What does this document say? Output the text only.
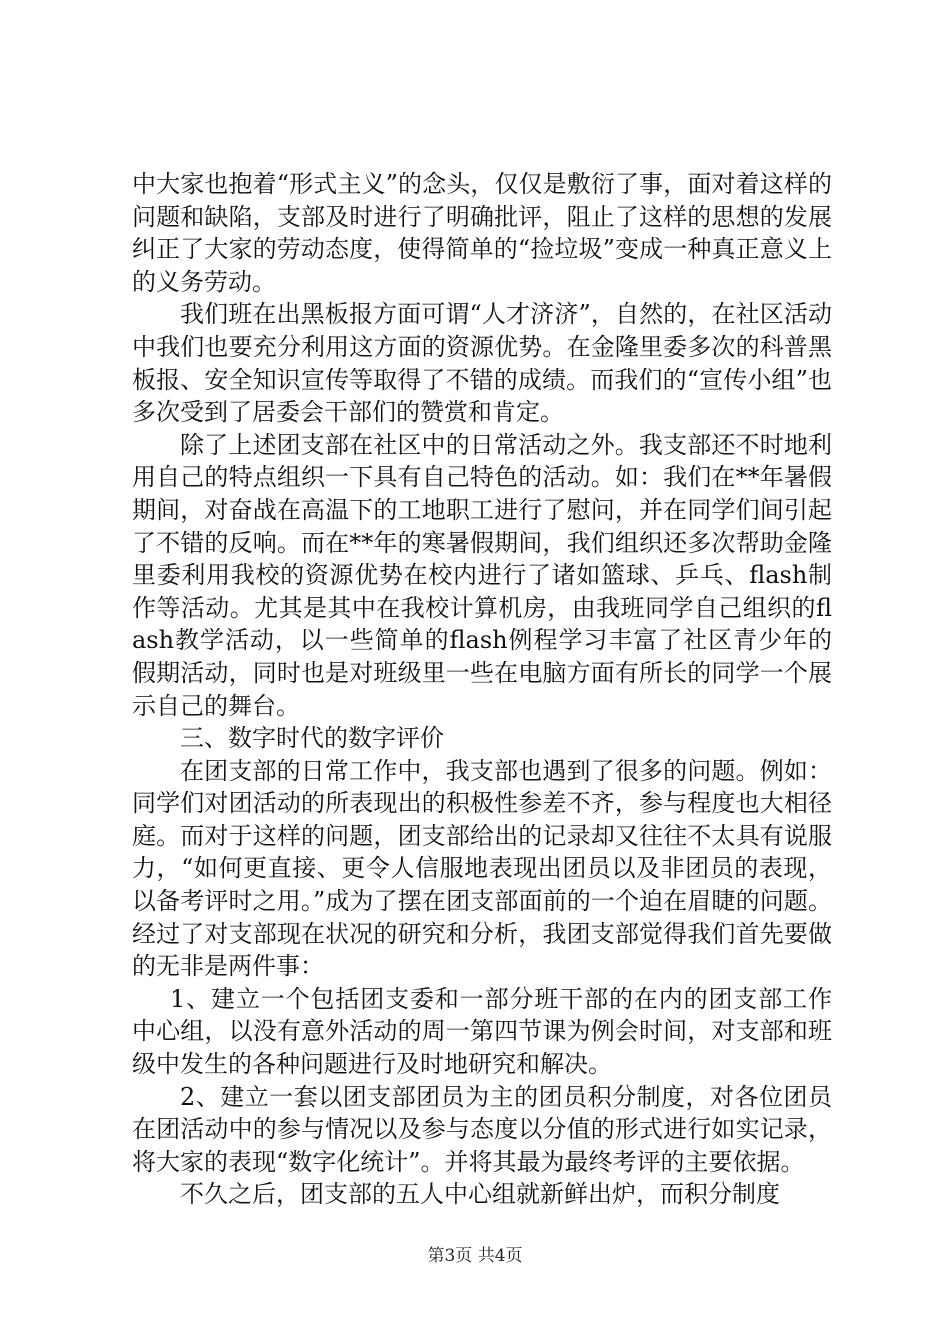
中大家也抱着“形式主义”的念头，仅仅是敷衍了事，面对着这样的问题和缺陷，支部及时进行了明确批评，阻止了这样的思想的发展纠正了大家的劳动态度，使得简单的“捡垃圾”变成一种真正意义上的义务劳动。

我们班在出黑板报方面可谓“人才济济”，自然的，在社区活动中我们也要充分利用这方面的资源优势。在金隆里委多次的科普黑板报、安全知识宣传等取得了不错的成绩。而我们的“宣传小组”也多次受到了居委会干部们的赞赏和肯定。

除了上述团支部在社区中的日常活动之外。我支部还不时地利用自己的特点组织一下具有自己特色的活动。如：我们在**年暑假期间，对奋战在高温下的工地职工进行了慰问，并在同学们间引起了不错的反响。而在**年的寒暑假期间，我们组织还多次帮助金隆里委利用我校的资源优势在校内进行了诸如篮球、乒乓、flash制作等活动。尤其是其中在我校计算机房，由我班同学自己组织的flash教学活动，以一些简单的flash例程学习丰富了社区青少年的假期活动，同时也是对班级里一些在电脑方面有所长的同学一个展示自己的舞台。

三、数字时代的数字评价

在团支部的日常工作中，我支部也遇到了很多的问题。例如：同学们对团活动的所表现出的积极性参差不齐，参与程度也大相径庭。而对于这样的问题，团支部给出的记录却又往往不太具有说服力，“如何更直接、更令人信服地表现出团员以及非团员的表现，以备考评时之用。”成为了摆在团支部面前的一个迫在眉睫的问题。经过了对支部现在状况的研究和分析，我团支部觉得我们首先要做的无非是两件事：

1、建立一个包括团支委和一部分班干部的在内的团支部工作中心组，以没有意外活动的周一第四节课为例会时间，对支部和班级中发生的各种问题进行及时地研究和解决。

2、建立一套以团支部团员为主的团员积分制度，对各位团员在团活动中的参与情况以及参与态度以分值的形式进行如实记录，将大家的表现“数字化统计”。并将其最为最终考评的主要依据。

不久之后，团支部的五人中心组就新鲜出炉，而积分制度

第3页 共4页
